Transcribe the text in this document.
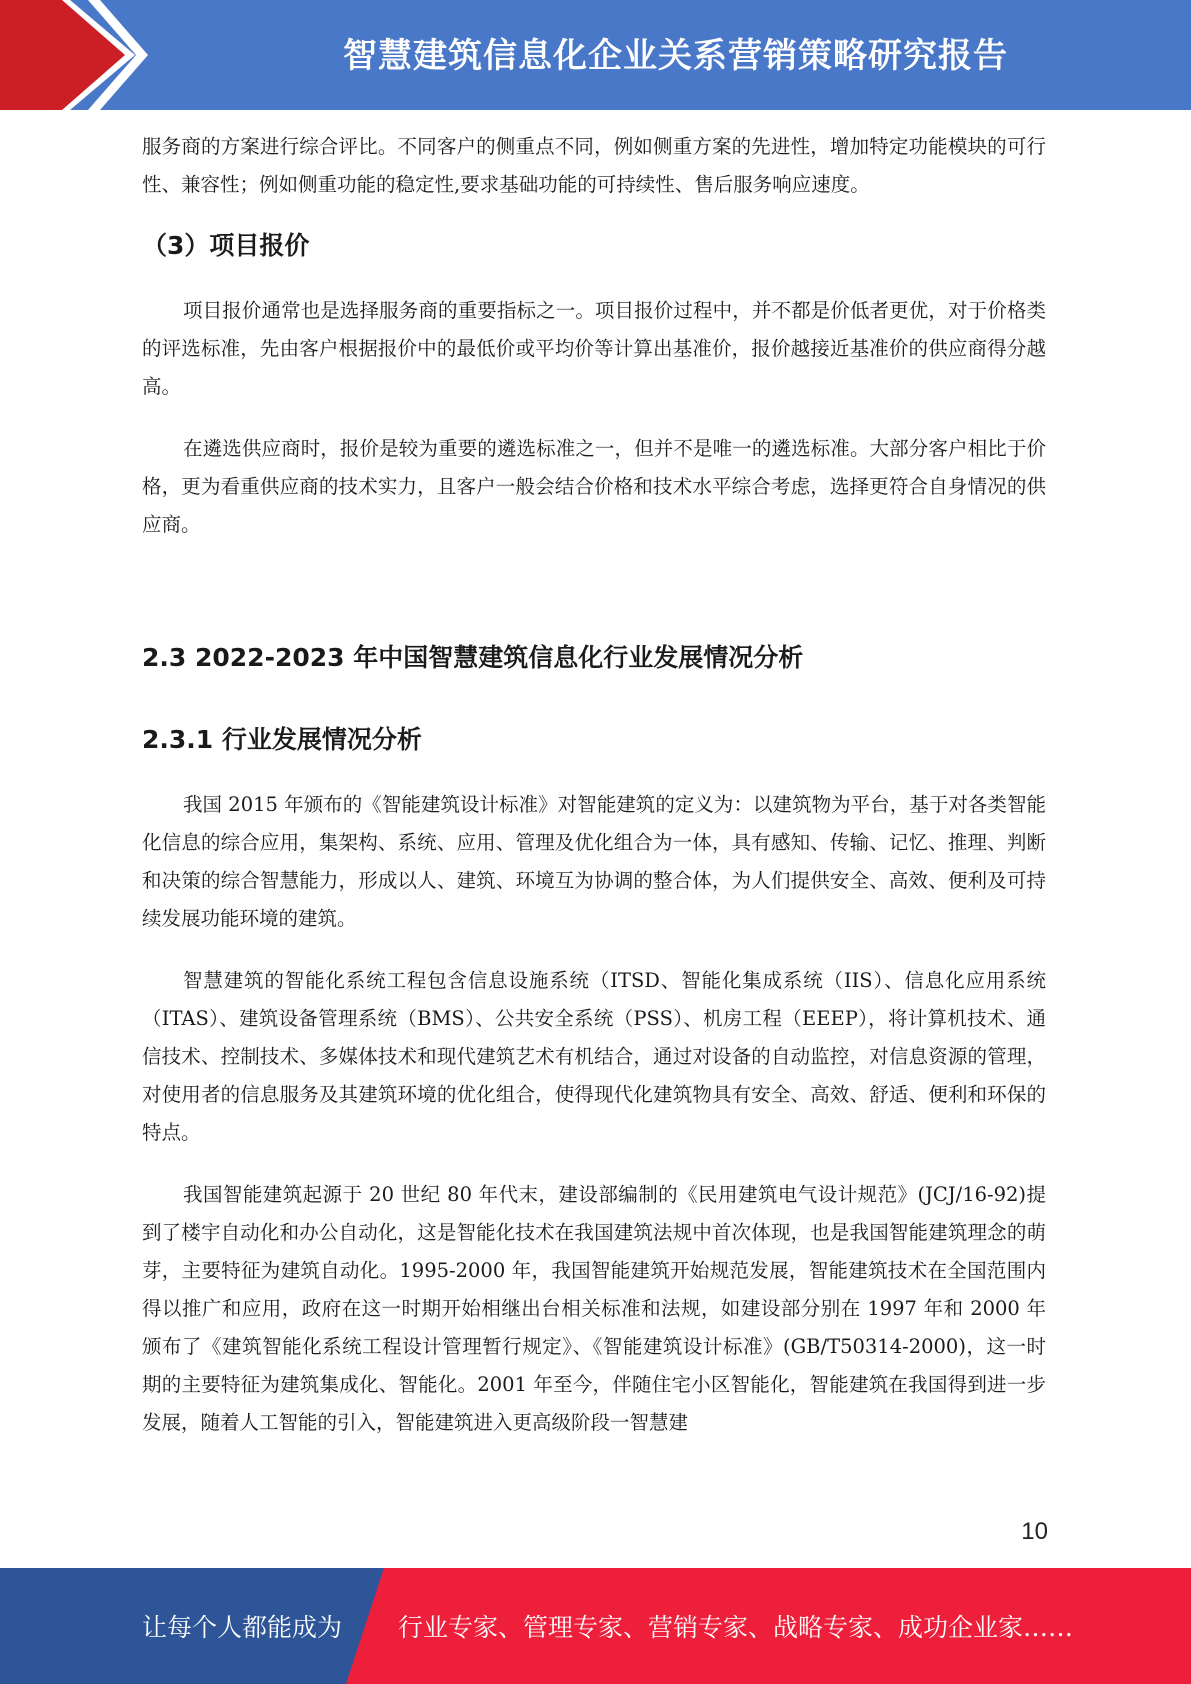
智慧建筑信息化企业关系营销策略研究报告

服务商的方案进行综合评比。不同客户的侧重点不同，例如侧重方案的先进性，增加特定功能模块的可行性、兼容性；例如侧重功能的稳定性,要求基础功能的可持续性、售后服务响应速度。

（3）项目报价

项目报价通常也是选择服务商的重要指标之一。项目报价过程中，并不都是价低者更优，对于价格类的评选标准，先由客户根据报价中的最低价或平均价等计算出基准价，报价越接近基准价的供应商得分越高。

在遴选供应商时，报价是较为重要的遴选标准之一，但并不是唯一的遴选标准。大部分客户相比于价格，更为看重供应商的技术实力，且客户一般会结合价格和技术水平综合考虑，选择更符合自身情况的供应商。

2.3 2022-2023 年中国智慧建筑信息化行业发展情况分析
2.3.1 行业发展情况分析

我国 2015 年颁布的《智能建筑设计标准》对智能建筑的定义为：以建筑物为平台，基于对各类智能化信息的综合应用，集架构、系统、应用、管理及优化组合为一体，具有感知、传输、记忆、推理、判断和决策的综合智慧能力，形成以人、建筑、环境互为协调的整合体，为人们提供安全、高效、便利及可持续发展功能环境的建筑。

智慧建筑的智能化系统工程包含信息设施系统（ITSD、智能化集成系统（IIS）、信息化应用系统（ITAS）、建筑设备管理系统（BMS）、公共安全系统（PSS）、机房工程（EEEP），将计算机技术、通信技术、控制技术、多媒体技术和现代建筑艺术有机结合，通过对设备的自动监控，对信息资源的管理，对使用者的信息服务及其建筑环境的优化组合，使得现代化建筑物具有安全、高效、舒适、便利和环保的特点。

我国智能建筑起源于 20 世纪 80 年代末，建设部编制的《民用建筑电气设计规范》(JCJ/16-92)提到了楼宇自动化和办公自动化，这是智能化技术在我国建筑法规中首次体现，也是我国智能建筑理念的萌芽，主要特征为建筑自动化。1995-2000 年，我国智能建筑开始规范发展，智能建筑技术在全国范围内得以推广和应用，政府在这一时期开始相继出台相关标准和法规，如建设部分别在 1997 年和 2000 年颁布了《建筑智能化系统工程设计管理暂行规定》、《智能建筑设计标准》(GB/T50314-2000)，这一时期的主要特征为建筑集成化、智能化。2001 年至今，伴随住宅小区智能化，智能建筑在我国得到进一步发展，随着人工智能的引入，智能建筑进入更高级阶段一智慧建

10
让每个人都能成为 行业专家、管理专家、营销专家、战略专家、成功企业家……
